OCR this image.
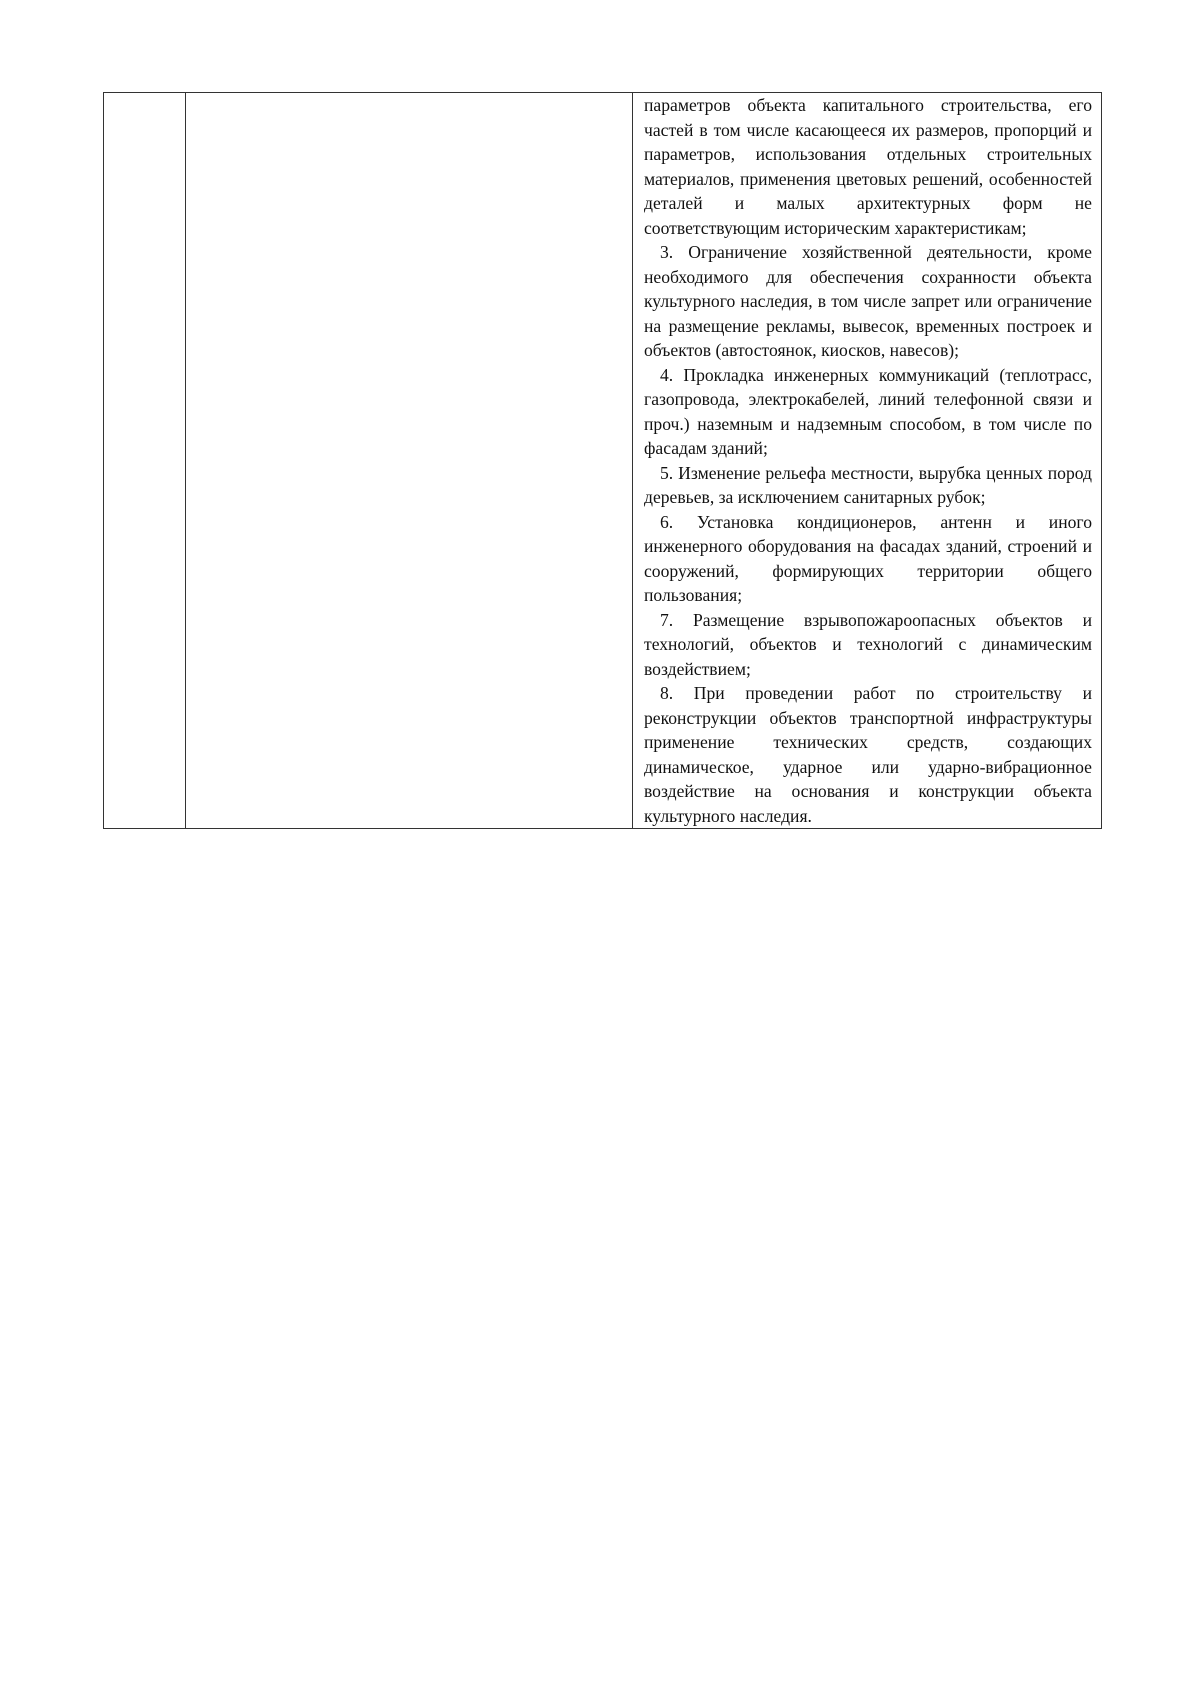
параметров объекта капитального строительства, его частей в том числе касающееся их размеров, пропорций и параметров, использования отдельных строительных материалов, применения цветовых решений, особенностей деталей и малых архитектурных форм не соответствующим историческим характеристикам;

3. Ограничение хозяйственной деятельности, кроме необходимого для обеспечения сохранности объекта культурного наследия, в том числе запрет или ограничение на размещение рекламы, вывесок, временных построек и объектов (автостоянок, киосков, навесов);

4. Прокладка инженерных коммуникаций (теплотрасс, газопровода, электрокабелей, линий телефонной связи и проч.) наземным и надземным способом, в том числе по фасадам зданий;

5. Изменение рельефа местности, вырубка ценных пород деревьев, за исключением санитарных рубок;

6. Установка кондиционеров, антенн и иного инженерного оборудования на фасадах зданий, строений и сооружений, формирующих территории общего пользования;

7. Размещение взрывопожароопасных объектов и технологий, объектов и технологий с динамическим воздействием;

8. При проведении работ по строительству и реконструкции объектов транспортной инфраструктуры применение технических средств, создающих динамическое, ударное или ударно-вибрационное воздействие на основания и конструкции объекта культурного наследия.
